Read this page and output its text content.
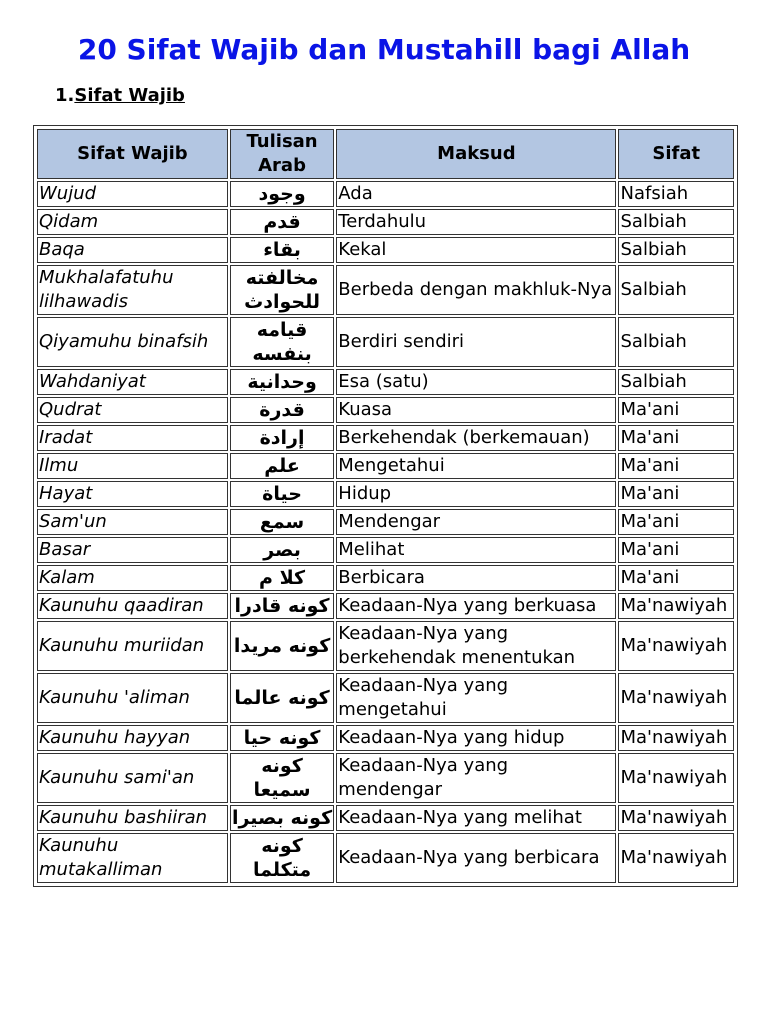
20 Sifat Wajib dan Mustahill bagi Allah
1.Sifat Wajib
Sifat Wajib	Tulisan Arab	Maksud	Sifat
Wujud	وجود	Ada	Nafsiah
Qidam	قدم	Terdahulu	Salbiah
Baqa	بقاء	Kekal	Salbiah
Mukhalafatuhu lilhawadis	مخالفته للحوادث	Berbeda dengan makhluk-Nya	Salbiah
Qiyamuhu binafsih	قيامه بنفسه	Berdiri sendiri	Salbiah
Wahdaniyat	وحدانية	Esa (satu)	Salbiah
Qudrat	قدرة	Kuasa	Ma'ani
Iradat	إرادة	Berkehendak (berkemauan)	Ma'ani
Ilmu	علم	Mengetahui	Ma'ani
Hayat	حياة	Hidup	Ma'ani
Sam'un	سمع	Mendengar	Ma'ani
Basar	بصر	Melihat	Ma'ani
Kalam	كلا م	Berbicara	Ma'ani
Kaunuhu qaadiran	كونه قادرا	Keadaan-Nya yang berkuasa	Ma'nawiyah
Kaunuhu muriidan	كونه مريدا	Keadaan-Nya yang berkehendak menentukan	Ma'nawiyah
Kaunuhu 'aliman	كونه عالما	Keadaan-Nya yang mengetahui	Ma'nawiyah
Kaunuhu hayyan	كونه حيا	Keadaan-Nya yang hidup	Ma'nawiyah
Kaunuhu sami'an	كونه سميعا	Keadaan-Nya yang mendengar	Ma'nawiyah
Kaunuhu bashiiran	كونه بصيرا	Keadaan-Nya yang melihat	Ma'nawiyah
Kaunuhu mutakalliman	كونه متكلما	Keadaan-Nya yang berbicara	Ma'nawiyah
